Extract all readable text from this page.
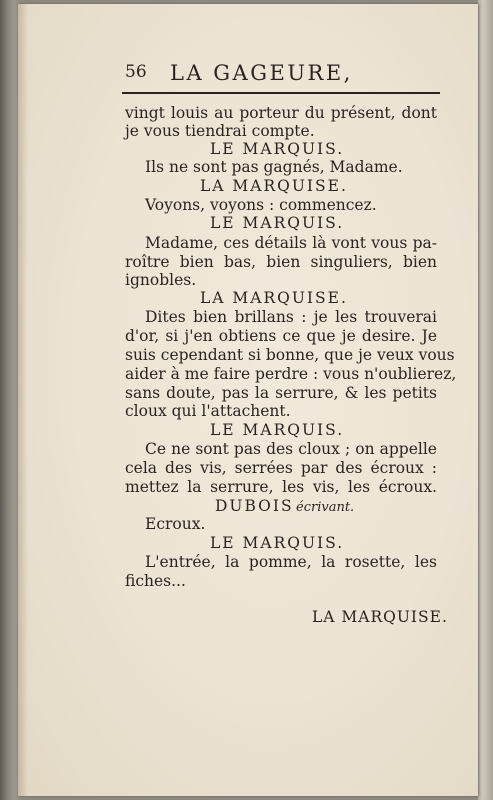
56 LA GAGEURE,
vingt louis au porteur du présent, dont
je vous tiendrai compte.
LE MARQUIS.
Ils ne sont pas gagnés, Madame.
LA MARQUISE.
Voyons, voyons : commencez.
LE MARQUIS.
Madame, ces détails là vont vous pa-
roître bien bas, bien singuliers, bien
ignobles.
LA MARQUISE.
Dites bien brillans : je les trouverai
d'or, si j'en obtiens ce que je desire. Je
suis cependant si bonne, que je veux vous
aider à me faire perdre : vous n'oublierez,
sans doute, pas la serrure, & les petits
cloux qui l'attachent.
LE MARQUIS.
Ce ne sont pas des cloux ; on appelle
cela des vis, serrées par des écroux :
mettez la serrure, les vis, les écroux.
DUBOIS écrivant.
Ecroux.
LE MARQUIS.
L'entrée, la pomme, la rosette, les
fiches...
LA MARQUISE.
